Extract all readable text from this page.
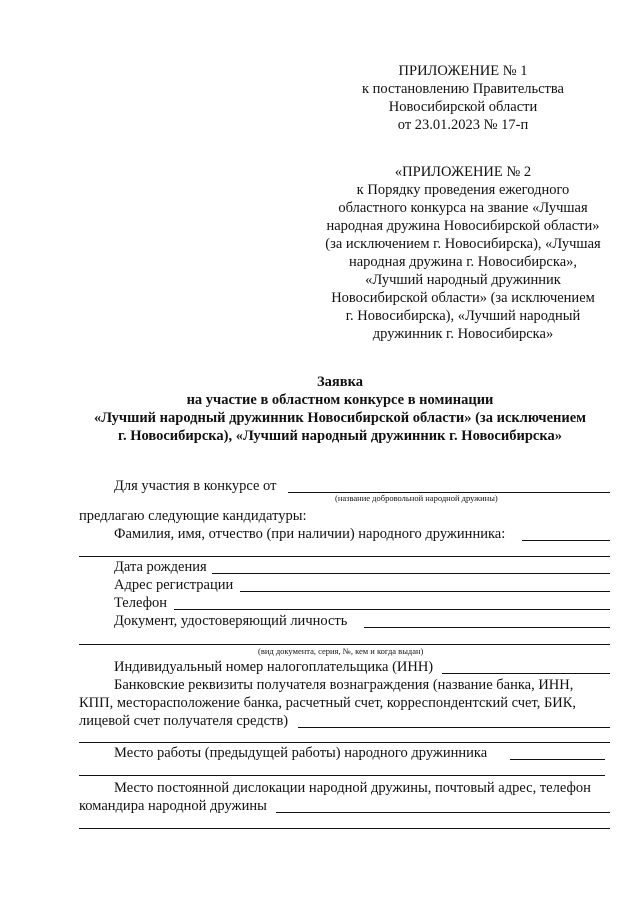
ПРИЛОЖЕНИЕ № 1
к постановлению Правительства
Новосибирской области
от 23.01.2023 № 17-п
«ПРИЛОЖЕНИЕ № 2
к Порядку проведения ежегодного
областного конкурса на звание «Лучшая
народная дружина Новосибирской области»
(за исключением г. Новосибирска), «Лучшая
народная дружина г. Новосибирска»,
«Лучший народный дружинник
Новосибирской области» (за исключением
г. Новосибирска), «Лучший народный
дружинник г. Новосибирска»
Заявка
на участие в областном конкурсе в номинации
«Лучший народный дружинник Новосибирской области» (за исключением
г. Новосибирска), «Лучший народный дружинник г. Новосибирска»
Для участия в конкурсе от
(название добровольной народной дружины)
предлагаю следующие кандидатуры:
Фамилия, имя, отчество (при наличии) народного дружинника:
Дата рождения
Адрес регистрации
Телефон
Документ, удостоверяющий личность
(вид документа, серия, №, кем и когда выдан)
Индивидуальный номер налогоплательщика (ИНН)
Банковские реквизиты получателя вознаграждения (название банка, ИНН,
КПП, месторасположение банка, расчетный счет, корреспондентский счет, БИК,
лицевой счет получателя средств)
Место работы (предыдущей работы) народного дружинника
Место постоянной дислокации народной дружины, почтовый адрес, телефон
командира народной дружины
